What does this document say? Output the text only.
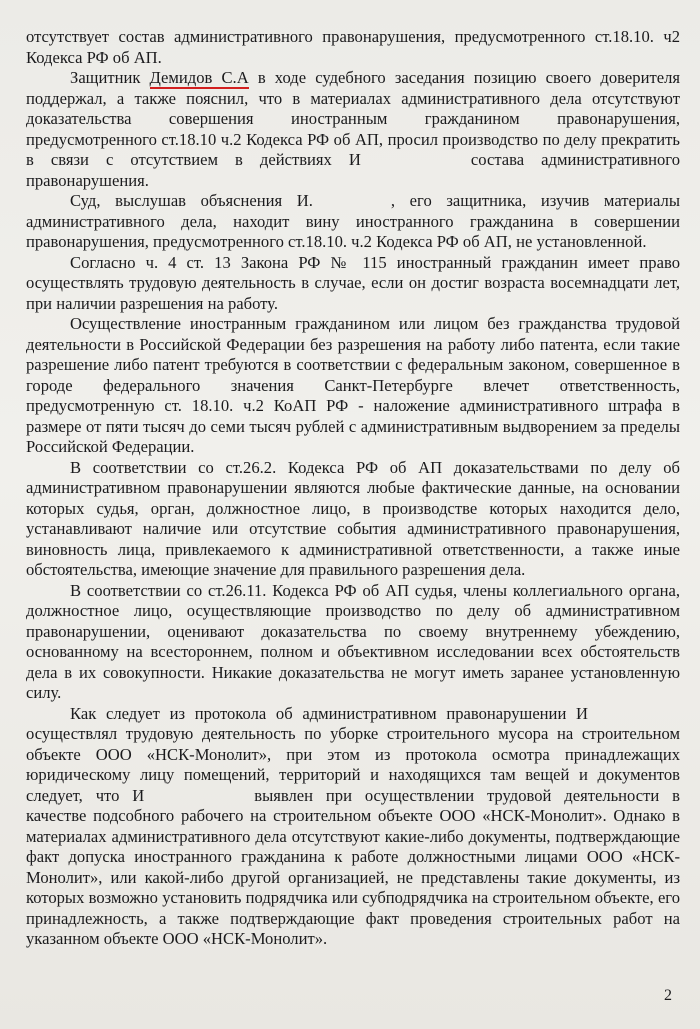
отсутствует состав административного правонарушения, предусмотренного ст.18.10. ч2 Кодекса РФ об АП.

Защитник Демидов С.А в ходе судебного заседания позицию своего доверителя поддержал, а также пояснил, что в материалах административного дела отсутствуют доказательства совершения иностранным гражданином правонарушения, предусмотренного ст.18.10 ч.2 Кодекса РФ об АП, просил производство по делу прекратить в связи с отсутствием в действиях И	состава административного правонарушения.

Суд, выслушав объяснения И.	, его защитника, изучив материалы административного дела, находит вину иностранного гражданина в совершении правонарушения, предусмотренного ст.18.10. ч.2 Кодекса РФ об АП, не установленной.

Согласно ч. 4 ст. 13 Закона РФ № 115 иностранный гражданин имеет право осуществлять трудовую деятельность в случае, если он достиг возраста восемнадцати лет, при наличии разрешения на работу.

Осуществление иностранным гражданином или лицом без гражданства трудовой деятельности в Российской Федерации без разрешения на работу либо патента, если такие разрешение либо патент требуются в соответствии с федеральным законом, совершенное в городе федерального значения Санкт-Петербурге влечет ответственность, предусмотренную ст. 18.10. ч.2 КоАП РФ - наложение административного штрафа в размере от пяти тысяч до семи тысяч рублей с административным выдворением за пределы Российской Федерации.

В соответствии со ст.26.2. Кодекса РФ об АП доказательствами по делу об административном правонарушении являются любые фактические данные, на основании которых судья, орган, должностное лицо, в производстве которых находится дело, устанавливают наличие или отсутствие события административного правонарушения, виновность лица, привлекаемого к административной ответственности, а также иные обстоятельства, имеющие значение для правильного разрешения дела.

В соответствии со ст.26.11. Кодекса РФ об АП судья, члены коллегиального органа, должностное лицо, осуществляющие производство по делу об административном правонарушении, оценивают доказательства по своему внутреннему убеждению, основанному на всестороннем, полном и объективном исследовании всех обстоятельств дела в их совокупности. Никакие доказательства не могут иметь заранее установленную силу.

Как следует из протокола об административном правонарушении Иосуществлял трудовую деятельность по уборке строительного мусора на строительном объекте ООО «НСК-Монолит», при этом из протокола осмотра принадлежащих юридическому лицу помещений, территорий и находящихся там вещей и документов следует, что И	выявлен при осуществлении трудовой деятельности в качестве подсобного рабочего на строительном объекте ООО «НСК-Монолит». Однако в материалах административного дела отсутствуют какие-либо документы, подтверждающие факт допуска иностранного гражданина к работе должностными лицами ООО «НСК-Монолит», или какой-либо другой организацией, не представлены такие документы, из которых возможно установить подрядчика или субподрядчика на строительном объекте, его принадлежность, а также подтверждающие факт проведения строительных работ на указанном объекте ООО «НСК-Монолит».

2
